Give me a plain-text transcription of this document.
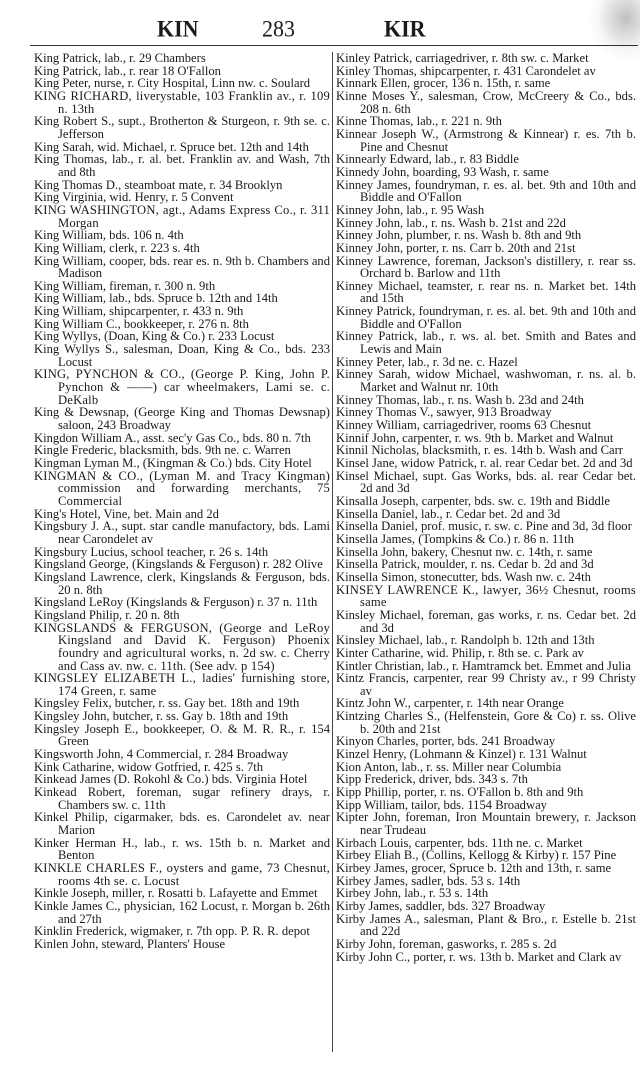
KIN	283	KIR

King Patrick, lab., r. 29 Chambers

King Patrick, lab., r. rear 18 O'Fallon

King Peter, nurse, r. City Hospital, Linn nw. c. Soulard

KING RICHARD, liverystable, 103 Franklin av., r. 109 n. 13th

King Robert S., supt., Brotherton & Sturgeon, r. 9th se. c. Jefferson

King Sarah, wid. Michael, r. Spruce bet. 12th and 14th

King Thomas, lab., r. al. bet. Franklin av. and Wash, 7th and 8th

King Thomas D., steamboat mate, r. 34 Brooklyn

King Virginia, wid. Henry, r. 5 Convent

KING WASHINGTON, agt., Adams Express Co., r. 311 Morgan

King William, bds. 106 n. 4th

King William, clerk, r. 223 s. 4th

King William, cooper, bds. rear es. n. 9th b. Chambers and Madison

King William, fireman, r. 300 n. 9th

King William, lab., bds. Spruce b. 12th and 14th

King William, shipcarpenter, r. 433 n. 9th

King William C., bookkeeper, r. 276 n. 8th

King Wyllys, (Doan, King & Co.) r. 233 Locust

King Wyllys S., salesman, Doan, King & Co., bds. 233 Locust

KING, PYNCHON & CO., (George P. King, John P. Pynchon & ——) car wheelmakers, Lami se. c. DeKalb

King & Dewsnap, (George King and Thomas Dewsnap) saloon, 243 Broadway

Kingdon William A., asst. sec'y Gas Co., bds. 80 n. 7th

Kingle Frederic, blacksmith, bds. 9th ne. c. Warren

Kingman Lyman M., (Kingman & Co.) bds. City Hotel

KINGMAN & CO., (Lyman M. and Tracy Kingman) commission and forwarding merchants, 75 Commercial

King's Hotel, Vine, bet. Main and 2d

Kingsbury J. A., supt. star candle manufactory, bds. Lami near Carondelet av

Kingsbury Lucius, school teacher, r. 26 s. 14th

Kingsland George, (Kingslands & Ferguson) r. 282 Olive

Kingsland Lawrence, clerk, Kingslands & Ferguson, bds. 20 n. 8th

Kingsland LeRoy (Kingslands & Ferguson) r. 37 n. 11th

Kingsland Philip, r. 20 n. 8th

KINGSLANDS & FERGUSON, (George and LeRoy Kingsland and David K. Ferguson) Phoenix foundry and agricultural works, n. 2d sw. c. Cherry and Cass av. nw. c. 11th. (See adv. p 154)

KINGSLEY ELIZABETH L., ladies' furnishing store, 174 Green, r. same

Kingsley Felix, butcher, r. ss. Gay bet. 18th and 19th

Kingsley John, butcher, r. ss. Gay b. 18th and 19th

Kingsley Joseph E., bookkeeper, O. & M. R. R., r. 154 Green

Kingsworth John, 4 Commercial, r. 284 Broadway

Kink Catharine, widow Gotfried, r. 425 s. 7th

Kinkead James (D. Rokohl & Co.) bds. Virginia Hotel

Kinkead Robert, foreman, sugar refinery drays, r. Chambers sw. c. 11th

Kinkel Philip, cigarmaker, bds. es. Carondelet av. near Marion

Kinker Herman H., lab., r. ws. 15th b. n. Market and Benton

KINKLE CHARLES F., oysters and game, 73 Chesnut, rooms 4th se. c. Locust

Kinkle Joseph, miller, r. Rosatti b. Lafayette and Emmet

Kinkle James C., physician, 162 Locust, r. Morgan b. 26th and 27th

Kinklin Frederick, wigmaker, r. 7th opp. P. R. R. depot

Kinlen John, steward, Planters' House

Kinley Patrick, carriagedriver, r. 8th sw. c. Market

Kinley Thomas, shipcarpenter, r. 431 Carondelet av

Kinnark Ellen, grocer, 136 n. 15th, r. same

Kinne Moses Y., salesman, Crow, McCreery & Co., bds. 208 n. 6th

Kinne Thomas, lab., r. 221 n. 9th

Kinnear Joseph W., (Armstrong & Kinnear) r. es. 7th b. Pine and Chesnut

Kinnearly Edward, lab., r. 83 Biddle

Kinnedy John, boarding, 93 Wash, r. same

Kinney James, foundryman, r. es. al. bet. 9th and 10th and Biddle and O'Fallon

Kinney John, lab., r. 95 Wash

Kinney John, lab., r. ns. Wash b. 21st and 22d

Kinney John, plumber, r. ns. Wash b. 8th and 9th

Kinney John, porter, r. ns. Carr b. 20th and 21st

Kinney Lawrence, foreman, Jackson's distillery, r. rear ss. Orchard b. Barlow and 11th

Kinney Michael, teamster, r. rear ns. n. Market bet. 14th and 15th

Kinney Patrick, foundryman, r. es. al. bet. 9th and 10th and Biddle and O'Fallon

Kinney Patrick, lab., r. ws. al. bet. Smith and Bates and Lewis and Main

Kinney Peter, lab., r. 3d ne. c. Hazel

Kinney Sarah, widow Michael, washwoman, r. ns. al. b. Market and Walnut nr. 10th

Kinney Thomas, lab., r. ns. Wash b. 23d and 24th

Kinney Thomas V., sawyer, 913 Broadway

Kinney William, carriagedriver, rooms 63 Chesnut

Kinnif John, carpenter, r. ws. 9th b. Market and Walnut

Kinnil Nicholas, blacksmith, r. es. 14th b. Wash and Carr

Kinsel Jane, widow Patrick, r. al. rear Cedar bet. 2d and 3d

Kinsel Michael, supt. Gas Works, bds. al. rear Cedar bet. 2d and 3d

Kinsalla Joseph, carpenter, bds. sw. c. 19th and Biddle

Kinsella Daniel, lab., r. Cedar bet. 2d and 3d

Kinsella Daniel, prof. music, r. sw. c. Pine and 3d, 3d floor

Kinsella James, (Tompkins & Co.) r. 86 n. 11th

Kinsella John, bakery, Chesnut nw. c. 14th, r. same

Kinsella Patrick, moulder, r. ns. Cedar b. 2d and 3d

Kinsella Simon, stonecutter, bds. Wash nw. c. 24th

KINSEY LAWRENCE K., lawyer, 36½ Chesnut, rooms same

Kinsley Michael, foreman, gas works, r. ns. Cedar bet. 2d and 3d

Kinsley Michael, lab., r. Randolph b. 12th and 13th

Kinter Catharine, wid. Philip, r. 8th se. c. Park av

Kintler Christian, lab., r. Hamtramck bet. Emmet and Julia

Kintz Francis, carpenter, rear 99 Christy av., r 99 Christy av

Kintz John W., carpenter, r. 14th near Orange

Kintzing Charles S., (Helfenstein, Gore & Co) r. ss. Olive b. 20th and 21st

Kinyon Charles, porter, bds. 241 Broadway

Kinzel Henry, (Lohmann & Kinzel) r. 131 Walnut

Kion Anton, lab., r. ss. Miller near Columbia

Kipp Frederick, driver, bds. 343 s. 7th

Kipp Phillip, porter, r. ns. O'Fallon b. 8th and 9th

Kipp William, tailor, bds. 1154 Broadway

Kipter John, foreman, Iron Mountain brewery, r. Jackson near Trudeau

Kirbach Louis, carpenter, bds. 11th ne. c. Market

Kirbey Eliah B., (Collins, Kellogg & Kirby) r. 157 Pine

Kirbey James, grocer, Spruce b. 12th and 13th, r. same

Kirbey James, sadler, bds. 53 s. 14th

Kirbey John, lab., r. 53 s. 14th

Kirby James, saddler, bds. 327 Broadway

Kirby James A., salesman, Plant & Bro., r. Estelle b. 21st and 22d

Kirby John, foreman, gasworks, r. 285 s. 2d

Kirby John C., porter, r. ws. 13th b. Market and Clark av
